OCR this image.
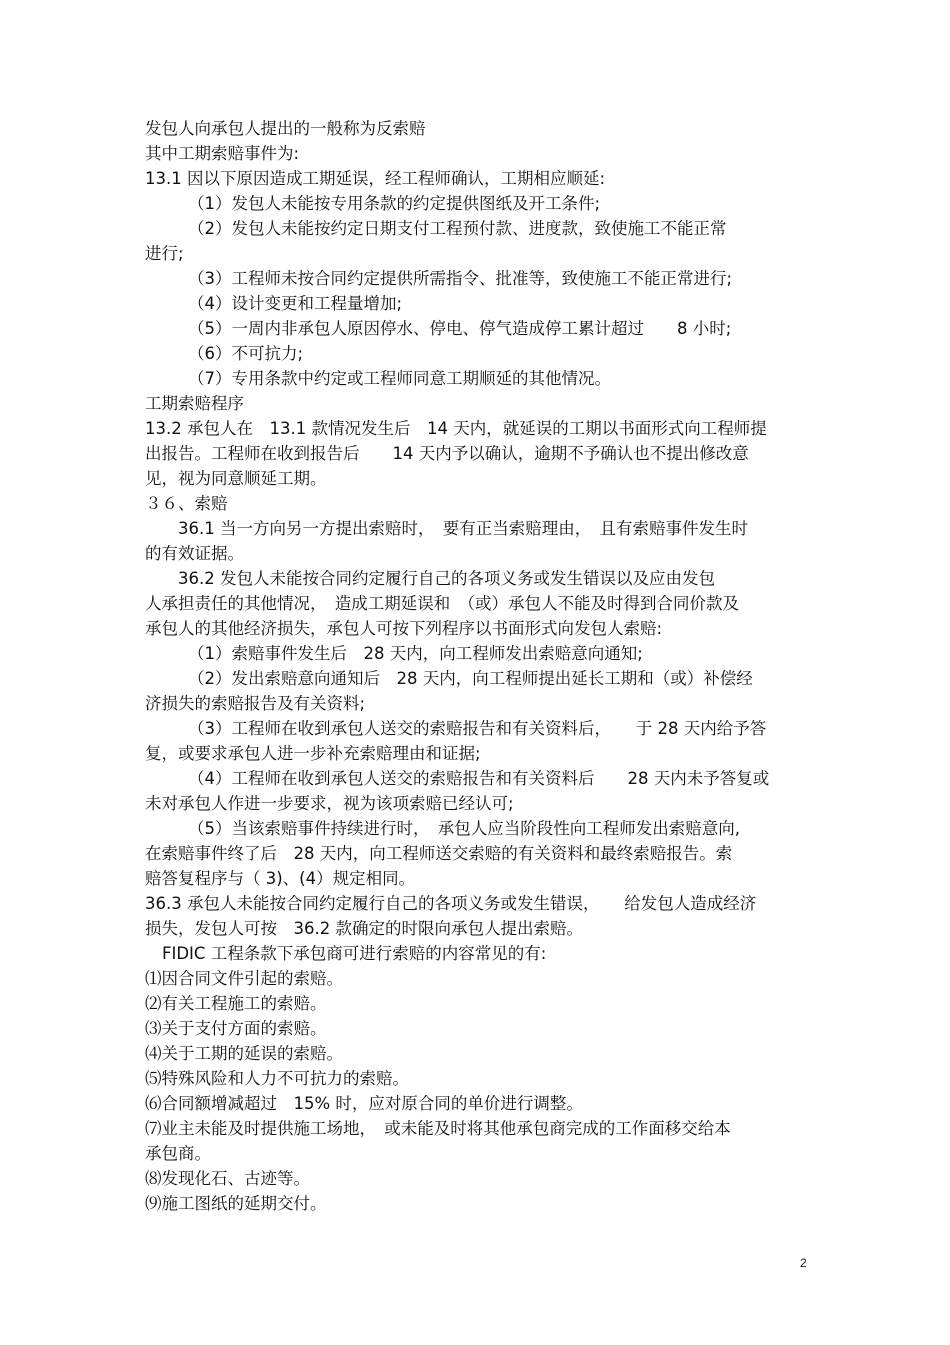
发包人向承包人提出的一般称为反索赔
其中工期索赔事件为:
13.1 因以下原因造成工期延误，经工程师确认，工期相应顺延:
（1）发包人未能按专用条款的约定提供图纸及开工条件;
（2）发包人未能按约定日期支付工程预付款、进度款，致使施工不能正常
进行;
（3）工程师未按合同约定提供所需指令、批准等，致使施工不能正常进行;
（4）设计变更和工程量增加;
（5）一周内非承包人原因停水、停电、停气造成停工累计超过　　8 小时;
（6）不可抗力;
（7）专用条款中约定或工程师同意工期顺延的其他情况。
工期索赔程序
13.2 承包人在　13.1 款情况发生后　14 天内，就延误的工期以书面形式向工程师提
出报告。工程师在收到报告后　　14 天内予以确认，逾期不予确认也不提出修改意
见，视为同意顺延工期。
３６、索赔
36.1 当一方向另一方提出索赔时，　要有正当索赔理由，　且有索赔事件发生时
的有效证据。
36.2 发包人未能按合同约定履行自己的各项义务或发生错误以及应由发包
人承担责任的其他情况，　造成工期延误和　（或）承包人不能及时得到合同价款及
承包人的其他经济损失，承包人可按下列程序以书面形式向发包人索赔:
（1）索赔事件发生后　28 天内，向工程师发出索赔意向通知;
（2）发出索赔意向通知后　28 天内，向工程师提出延长工期和（或）补偿经
济损失的索赔报告及有关资料;
（3）工程师在收到承包人送交的索赔报告和有关资料后，　　于 28 天内给予答
复，或要求承包人进一步补充索赔理由和证据;
（4）工程师在收到承包人送交的索赔报告和有关资料后　　28 天内未予答复或
未对承包人作进一步要求，视为该项索赔已经认可;
（5）当该索赔事件持续进行时，　承包人应当阶段性向工程师发出索赔意向,
在索赔事件终了后　28 天内，向工程师送交索赔的有关资料和最终索赔报告。索
赔答复程序与（ 3)、(4）规定相同。
36.3 承包人未能按合同约定履行自己的各项义务或发生错误，　　给发包人造成经济
损失，发包人可按　36.2 款确定的时限向承包人提出索赔。
FIDIC 工程条款下承包商可进行索赔的内容常见的有:
⑴因合同文件引起的索赔。
⑵有关工程施工的索赔。
⑶关于支付方面的索赔。
⑷关于工期的延误的索赔。
⑸特殊风险和人力不可抗力的索赔。
⑹合同额增减超过　15% 时，应对原合同的单价进行调整。
⑺业主未能及时提供施工场地，　或未能及时将其他承包商完成的工作面移交给本
承包商。
⑻发现化石、古迹等。
⑼施工图纸的延期交付。
2
